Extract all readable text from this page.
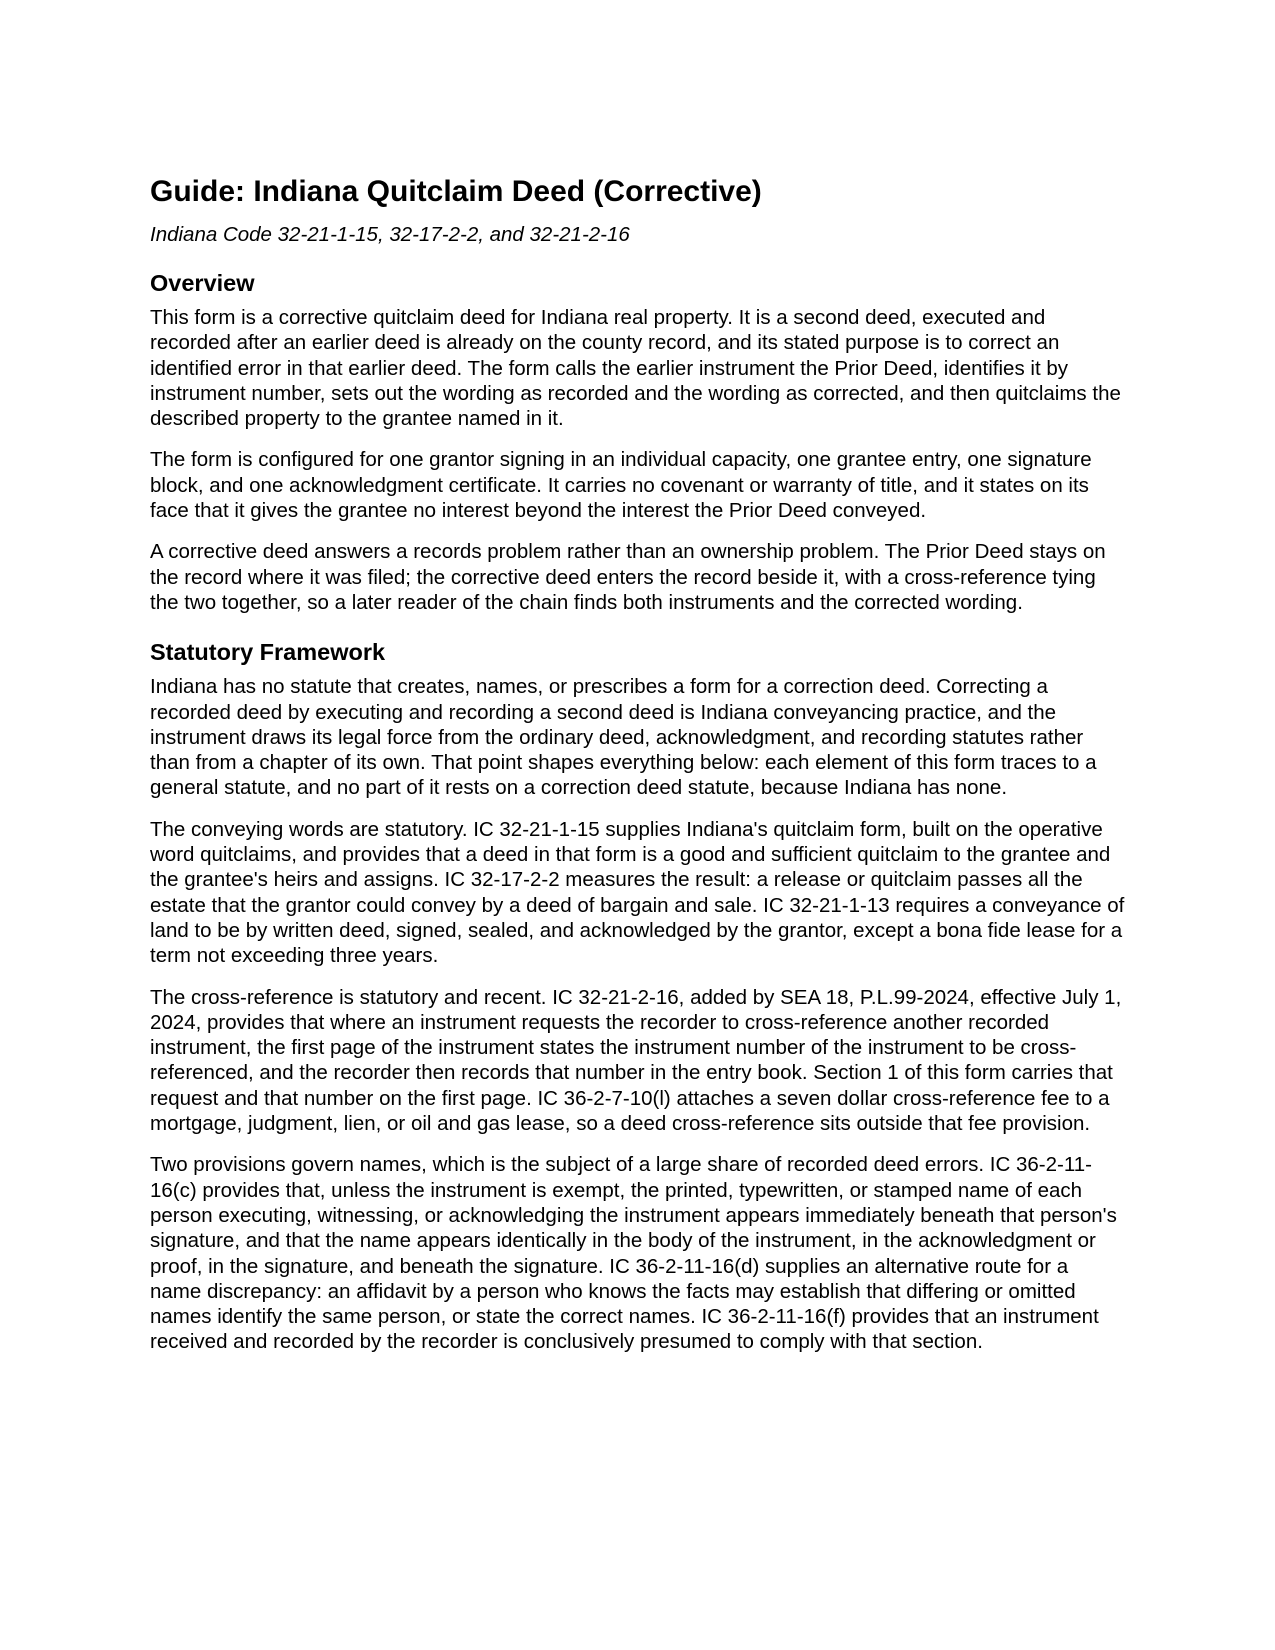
Guide: Indiana Quitclaim Deed (Corrective)
Indiana Code 32-21-1-15, 32-17-2-2, and 32-21-2-16
Overview

This form is a corrective quitclaim deed for Indiana real property. It is a second deed, executed and recorded after an earlier deed is already on the county record, and its stated purpose is to correct an identified error in that earlier deed. The form calls the earlier instrument the Prior Deed, identifies it by instrument number, sets out the wording as recorded and the wording as corrected, and then quitclaims the described property to the grantee named in it.

The form is configured for one grantor signing in an individual capacity, one grantee entry, one signature block, and one acknowledgment certificate. It carries no covenant or warranty of title, and it states on its face that it gives the grantee no interest beyond the interest the Prior Deed conveyed.

A corrective deed answers a records problem rather than an ownership problem. The Prior Deed stays on the record where it was filed; the corrective deed enters the record beside it, with a cross-reference tying the two together, so a later reader of the chain finds both instruments and the corrected wording.

Statutory Framework

Indiana has no statute that creates, names, or prescribes a form for a correction deed. Correcting a recorded deed by executing and recording a second deed is Indiana conveyancing practice, and the instrument draws its legal force from the ordinary deed, acknowledgment, and recording statutes rather than from a chapter of its own. That point shapes everything below: each element of this form traces to a general statute, and no part of it rests on a correction deed statute, because Indiana has none.

The conveying words are statutory. IC 32-21-1-15 supplies Indiana's quitclaim form, built on the operative word quitclaims, and provides that a deed in that form is a good and sufficient quitclaim to the grantee and the grantee's heirs and assigns. IC 32-17-2-2 measures the result: a release or quitclaim passes all the estate that the grantor could convey by a deed of bargain and sale. IC 32-21-1-13 requires a conveyance of land to be by written deed, signed, sealed, and acknowledged by the grantor, except a bona fide lease for a term not exceeding three years.

The cross-reference is statutory and recent. IC 32-21-2-16, added by SEA 18, P.L.99-2024, effective July 1, 2024, provides that where an instrument requests the recorder to cross-reference another recorded instrument, the first page of the instrument states the instrument number of the instrument to be cross-referenced, and the recorder then records that number in the entry book. Section 1 of this form carries that request and that number on the first page. IC 36-2-7-10(l) attaches a seven dollar cross-reference fee to a mortgage, judgment, lien, or oil and gas lease, so a deed cross-reference sits outside that fee provision.

Two provisions govern names, which is the subject of a large share of recorded deed errors. IC 36-2-11-16(c) provides that, unless the instrument is exempt, the printed, typewritten, or stamped name of each person executing, witnessing, or acknowledging the instrument appears immediately beneath that person's signature, and that the name appears identically in the body of the instrument, in the acknowledgment or proof, in the signature, and beneath the signature. IC 36-2-11-16(d) supplies an alternative route for a name discrepancy: an affidavit by a person who knows the facts may establish that differing or omitted names identify the same person, or state the correct names. IC 36-2-11-16(f) provides that an instrument received and recorded by the recorder is conclusively presumed to comply with that section.
